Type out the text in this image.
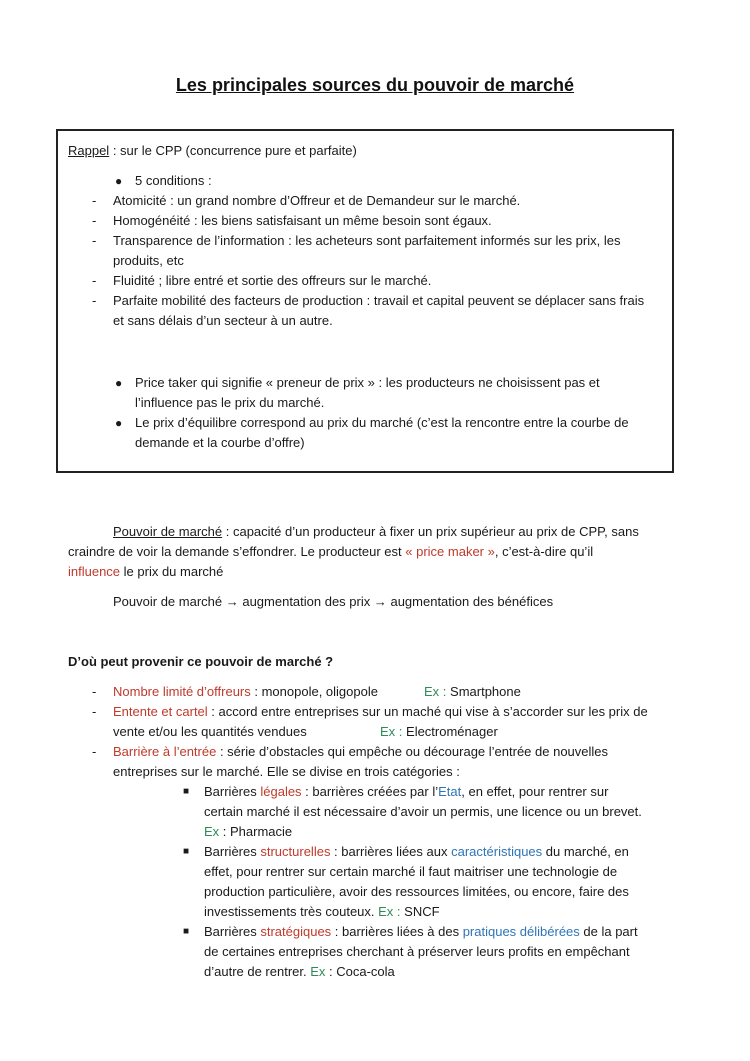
Les principales sources du pouvoir de marché
Rappel : sur le CPP (concurrence pure et parfaite)
● 5 conditions :
- Atomicité : un grand nombre d’Offreur et de Demandeur sur le marché.
- Homogénéité : les biens satisfaisant un même besoin sont égaux.
- Transparence de l’information : les acheteurs sont parfaitement informés sur les prix, les
produits, etc
- Fluidité ; libre entré et sortie des offreurs sur le marché.
- Parfaite mobilité des facteurs de production : travail et capital peuvent se déplacer sans frais
et sans délais d’un secteur à un autre.
● Price taker qui signifie « preneur de prix » : les producteurs ne choisissent pas et
l’influence pas le prix du marché.
● Le prix d’équilibre correspond au prix du marché (c’est la rencontre entre la courbe de
demande et la courbe d’offre)
Pouvoir de marché : capacité d’un producteur à fixer un prix supérieur au prix de CPP, sans
craindre de voir la demande s’effondrer. Le producteur est « price maker », c’est-à-dire qu’il
influence le prix du marché
Pouvoir de marché → augmentation des prix → augmentation des bénéfices
D’où peut provenir ce pouvoir de marché ?
- Nombre limité d’offreurs : monopole, oligopole	Ex : Smartphone
- Entente et cartel : accord entre entreprises sur un maché qui vise à s’accorder sur les prix de
vente et/ou les quantités vendues	Ex : Electroménager
- Barrière à l’entrée : série d’obstacles qui empêche ou décourage l’entrée de nouvelles
entreprises sur le marché. Elle se divise en trois catégories :
■ Barrières légales : barrières créées par l’Etat, en effet, pour rentrer sur
certain marché il est nécessaire d’avoir un permis, une licence ou un brevet.
Ex : Pharmacie
■ Barrières structurelles : barrières liées aux caractéristiques du marché, en
effet, pour rentrer sur certain marché il faut maitriser une technologie de
production particulière, avoir des ressources limitées, ou encore, faire des
investissements très couteux. Ex : SNCF
■ Barrières stratégiques : barrières liées à des pratiques délibérées de la part
de certaines entreprises cherchant à préserver leurs profits en empêchant
d’autre de rentrer. Ex : Coca-cola
